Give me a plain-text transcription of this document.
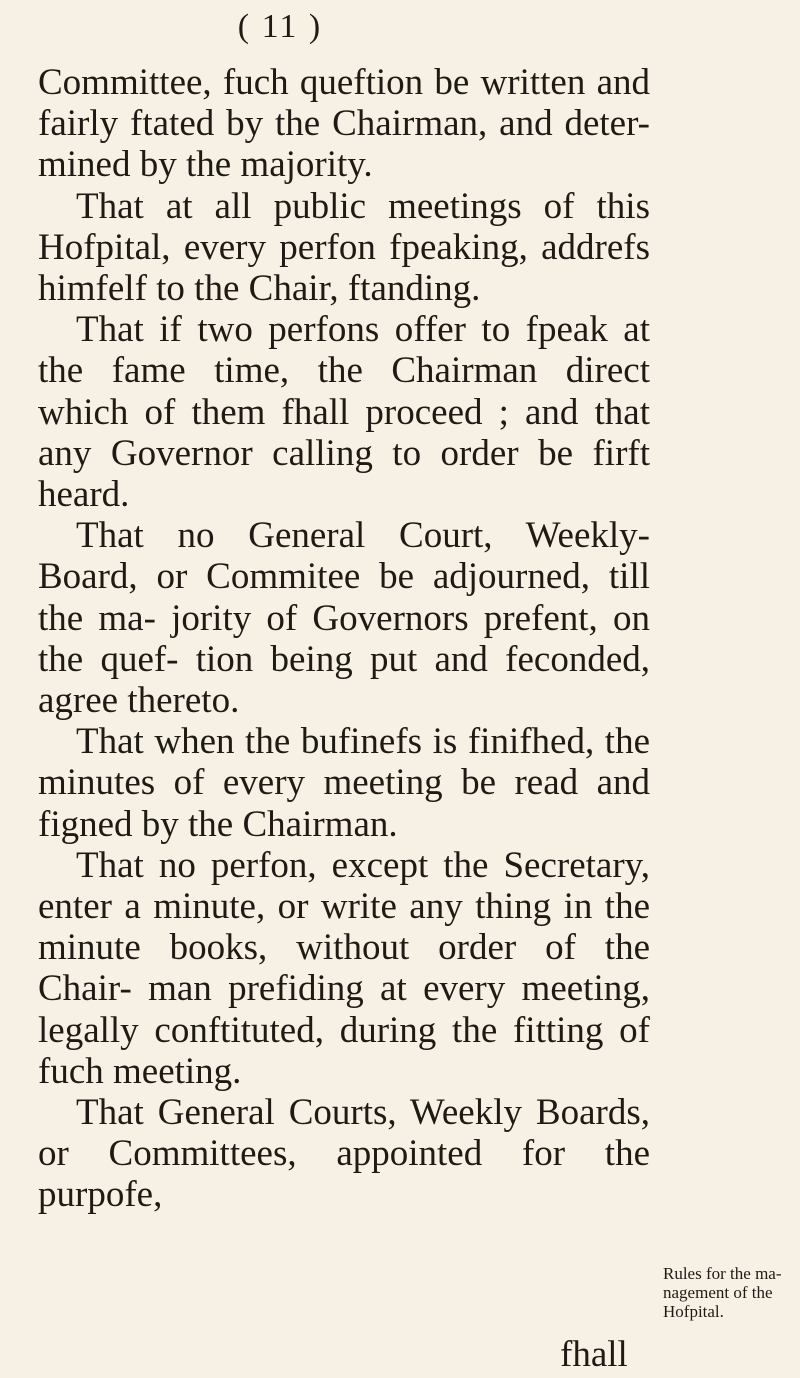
( 11 )

Committee, fuch queftion be written and fairly ftated by the Chairman, and deter- mined by the majority.

That at all public meetings of this Hofpital, every perfon fpeaking, addrefs himfelf to the Chair, ftanding.

That if two perfons offer to fpeak at the fame time, the Chairman direct which of them fhall proceed ; and that any Governor calling to order be firft heard.

That no General Court, Weekly-Board, or Commitee be adjourned, till the ma- jority of Governors prefent, on the quef- tion being put and feconded, agree thereto.

That when the bufinefs is finifhed, the minutes of every meeting be read and figned by the Chairman.

That no perfon, except the Secretary, enter a minute, or write any thing in the minute books, without order of the Chair- man prefiding at every meeting, legally conftituted, during the fitting of fuch meeting.

That General Courts, Weekly Boards, or Committees, appointed for the purpofe,

Rules for the ma- nagement of the Hofpital.
fhall
